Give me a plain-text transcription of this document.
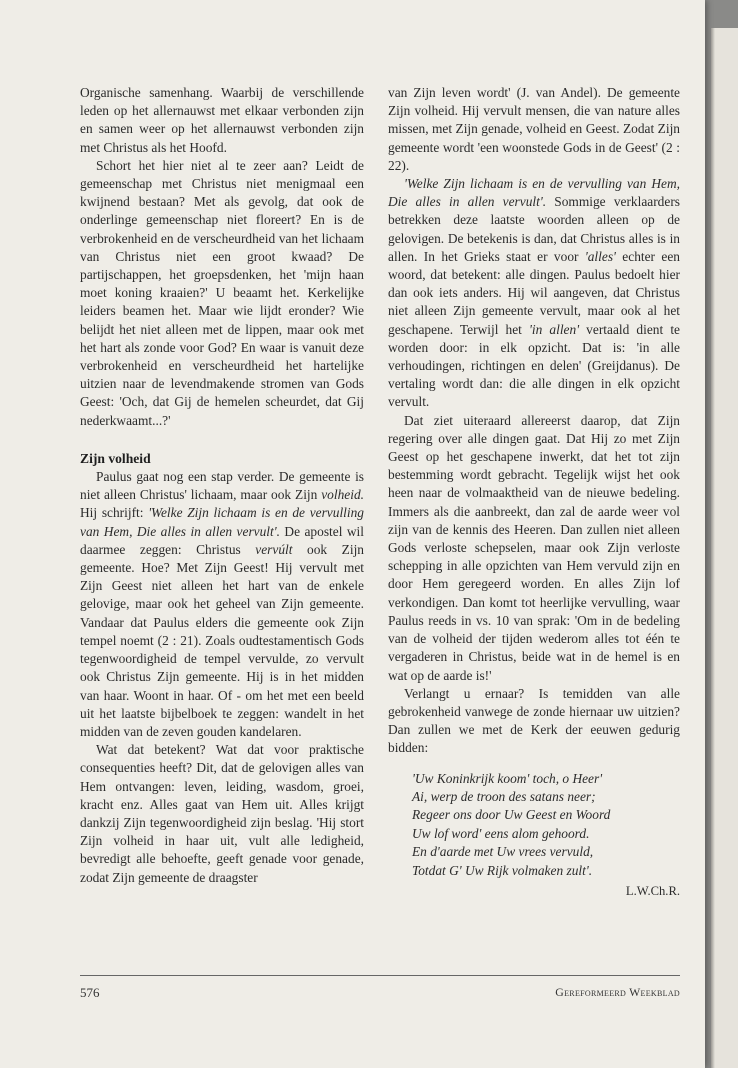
Organische samenhang. Waarbij de verschillende leden op het allernauwst met elkaar verbonden zijn en samen weer op het allernauwst verbonden zijn met Christus als het Hoofd.

Schort het hier niet al te zeer aan? Leidt de gemeenschap met Christus niet menigmaal een kwijnend bestaan? Met als gevolg, dat ook de onderlinge gemeenschap niet floreert? En is de verbrokenheid en de verscheurdheid van het lichaam van Christus niet een groot kwaad? De partijschappen, het groepsdenken, het 'mijn haan moet koning kraaien?' U beaamt het. Kerkelijke leiders beamen het. Maar wie lijdt eronder? Wie belijdt het niet alleen met de lippen, maar ook met het hart als zonde voor God? En waar is vanuit deze verbrokenheid en verscheurdheid het hartelijke uitzien naar de levendmakende stromen van Gods Geest: 'Och, dat Gij de hemelen scheurdet, dat Gij nederkwaamt...?'

Zijn volheid

Paulus gaat nog een stap verder. De gemeente is niet alleen Christus' lichaam, maar ook Zijn volheid. Hij schrijft: 'Welke Zijn lichaam is en de vervulling van Hem, Die alles in allen vervult'. De apostel wil daarmee zeggen: Christus vervúlt ook Zijn gemeente. Hoe? Met Zijn Geest! Hij vervult met Zijn Geest niet alleen het hart van de enkele gelovige, maar ook het geheel van Zijn gemeente. Vandaar dat Paulus elders die gemeente ook Zijn tempel noemt (2 : 21). Zoals oudtestamentisch Gods tegenwoordigheid de tempel vervulde, zo vervult ook Christus Zijn gemeente. Hij is in het midden van haar. Woont in haar. Of - om het met een beeld uit het laatste bijbelboek te zeggen: wandelt in het midden van de zeven gouden kandelaren.

Wat dat betekent? Wat dat voor praktische consequenties heeft? Dit, dat de gelovigen alles van Hem ontvangen: leven, leiding, wasdom, groei, kracht enz. Alles gaat van Hem uit. Alles krijgt dankzij Zijn tegenwoordigheid zijn beslag. 'Hij stort Zijn volheid in haar uit, vult alle ledigheid, bevredigt alle behoefte, geeft genade voor genade, zodat Zijn gemeente de draagster

van Zijn leven wordt' (J. van Andel). De gemeente Zijn volheid. Hij vervult mensen, die van nature alles missen, met Zijn genade, volheid en Geest. Zodat Zijn gemeente wordt 'een woonstede Gods in de Geest' (2 : 22).

'Welke Zijn lichaam is en de vervulling van Hem, Die alles in allen vervult'. Sommige verklaarders betrekken deze laatste woorden alleen op de gelovigen. De betekenis is dan, dat Christus alles is in allen. In het Grieks staat er voor 'alles' echter een woord, dat betekent: alle dingen. Paulus bedoelt hier dan ook iets anders. Hij wil aangeven, dat Christus niet alleen Zijn gemeente vervult, maar ook al het geschapene. Terwijl het 'in allen' vertaald dient te worden door: in elk opzicht. Dat is: 'in alle verhoudingen, richtingen en delen' (Greijdanus). De vertaling wordt dan: die alle dingen in elk opzicht vervult.

Dat ziet uiteraard allereerst daarop, dat Zijn regering over alle dingen gaat. Dat Hij zo met Zijn Geest op het geschapene inwerkt, dat het tot zijn bestemming wordt gebracht. Tegelijk wijst het ook heen naar de volmaaktheid van de nieuwe bedeling. Immers als die aanbreekt, dan zal de aarde weer vol zijn van de kennis des Heeren. Dan zullen niet alleen Gods verloste schepselen, maar ook Zijn verloste schepping in alle opzichten van Hem vervuld zijn en door Hem geregeerd worden. En alles Zijn lof verkondigen. Dan komt tot heerlijke vervulling, waar Paulus reeds in vs. 10 van sprak: 'Om in de bedeling van de volheid der tijden wederom alles tot één te vergaderen in Christus, beide wat in de hemel is en wat op de aarde is!'

Verlangt u ernaar? Is temidden van alle gebrokenheid vanwege de zonde hiernaar uw uitzien? Dan zullen we met de Kerk der eeuwen gedurig bidden:

'Uw Koninkrijk koom' toch, o Heer'
Ai, werp de troon des satans neer;
Regeer ons door Uw Geest en Woord
Uw lof word' eens alom gehoord.
En d'aarde met Uw vrees vervuld,
Totdat G' Uw Rijk volmaken zult'.
L.W.Ch.R.
576	Gereformeerd Weekblad
